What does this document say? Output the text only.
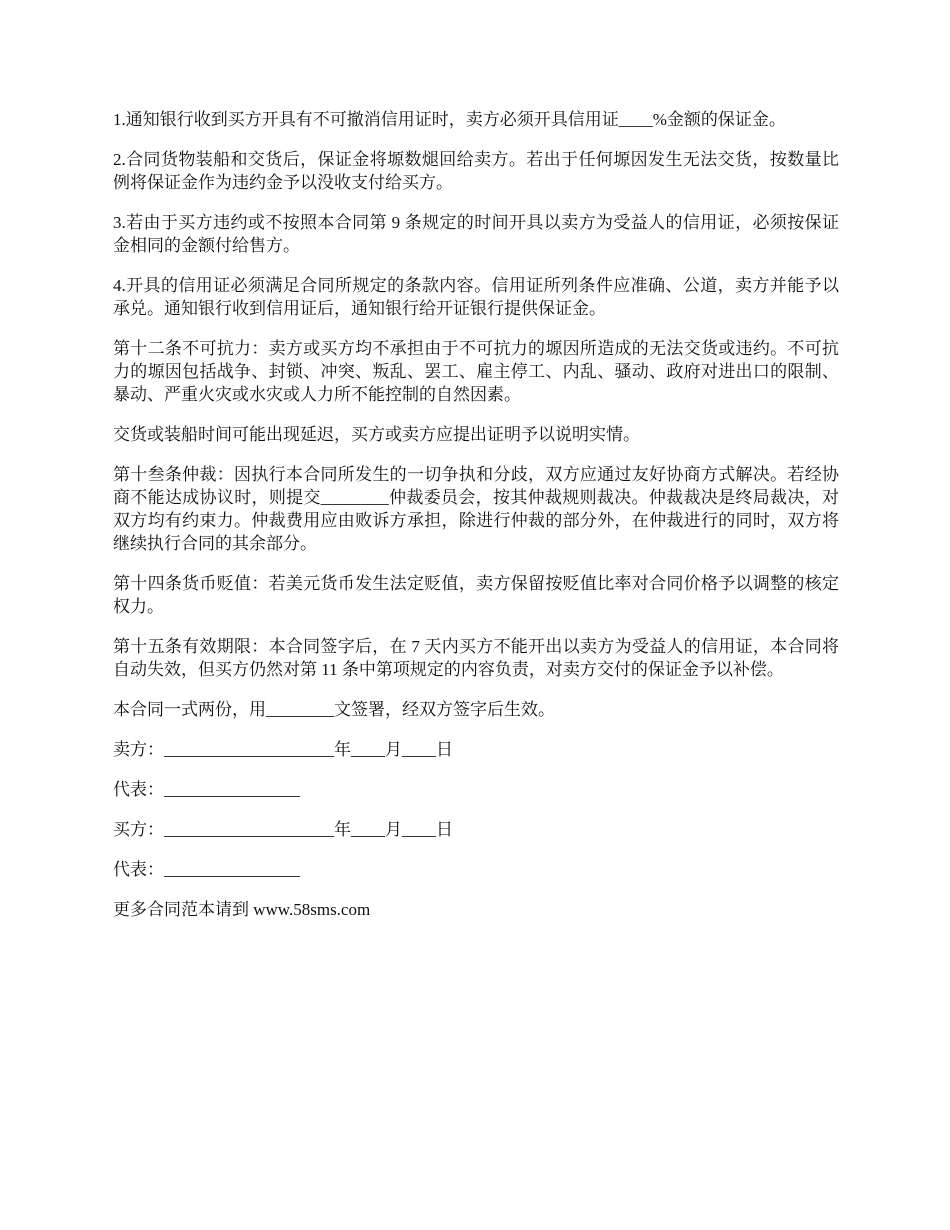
1.通知银行收到买方开具有不可撤消信用证时，卖方必须开具信用证____%金额的保证金。

2.合同货物装船和交货后，保证金将塬数煺回给卖方。若出于任何塬因发生无法交货，按数量比例将保证金作为违约金予以没收支付给买方。

3.若由于买方违约或不按照本合同第 9 条规定的时间开具以卖方为受益人的信用证，必须按保证金相同的金额付给售方。

4.开具的信用证必须满足合同所规定的条款内容。信用证所列条件应准确、公道，卖方并能予以承兑。通知银行收到信用证后，通知银行给开证银行提供保证金。

第十二条不可抗力：卖方或买方均不承担由于不可抗力的塬因所造成的无法交货或违约。不可抗力的塬因包括战争、封锁、冲突、叛乱、罢工、雇主停工、内乱、骚动、政府对进出口的限制、暴动、严重火灾或水灾或人力所不能控制的自然因素。

交货或装船时间可能出现延迟，买方或卖方应提出证明予以说明实情。

第十叁条仲裁：因执行本合同所发生的一切争执和分歧，双方应通过友好协商方式解决。若经协商不能达成协议时，则提交________仲裁委员会，按其仲裁规则裁决。仲裁裁决是终局裁决，对双方均有约束力。仲裁费用应由败诉方承担，除进行仲裁的部分外，在仲裁进行的同时，双方将继续执行合同的其余部分。

第十四条货币贬值：若美元货币发生法定贬值，卖方保留按贬值比率对合同价格予以调整的核定权力。

第十五条有效期限：本合同签字后，在 7 天内买方不能开出以卖方为受益人的信用证，本合同将自动失效，但买方仍然对第 11 条中第项规定的内容负责，对卖方交付的保证金予以补偿。

本合同一式两份，用________文签署，经双方签字后生效。

卖方：____________________年____月____日

代表：________________

买方：____________________年____月____日

代表：________________

更多合同范本请到 www.58sms.com
